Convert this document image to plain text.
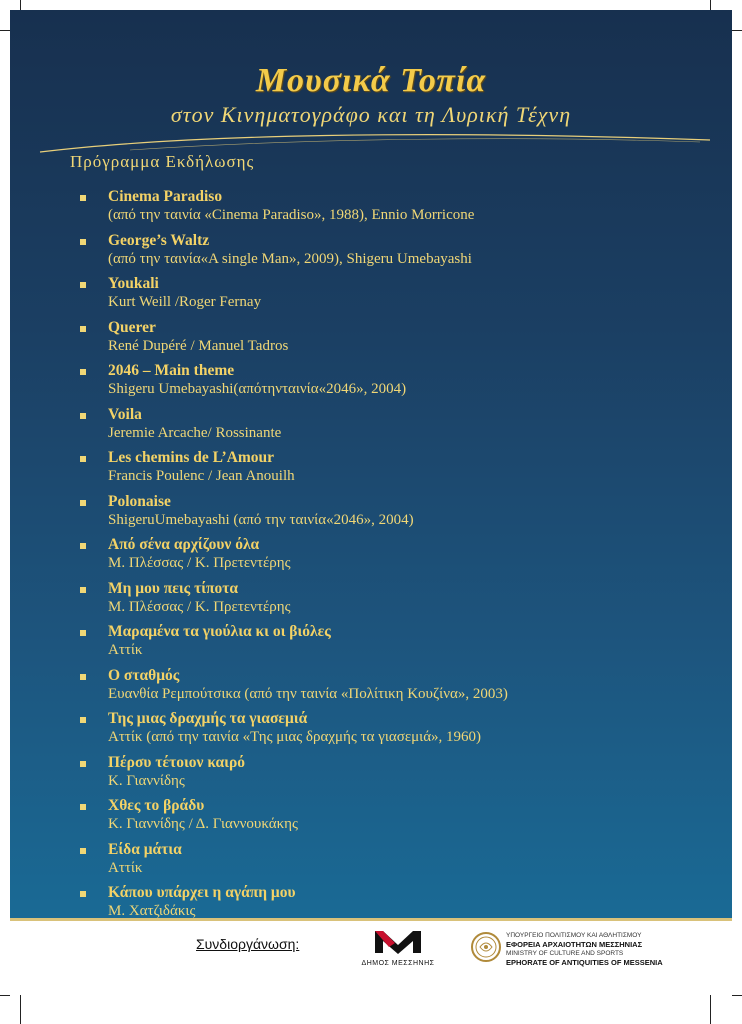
Μουσικά Τοπία
στον Κινηματογράφο και τη Λυρική Τέχνη
Πρόγραμμα Εκδήλωσης
Cinema Paradiso
(από την ταινία «Cinema Paradiso», 1988), Ennio Morricone
George’s Waltz
(από την ταινία«A single Man», 2009), Shigeru Umebayashi
Youkali
Kurt Weill /Roger Fernay
Querer
René Dupéré / Manuel Tadros
2046 – Main theme
Shigeru Umebayashi(απότηνταινία«2046», 2004)
Voila
Jeremie Arcache/ Rossinante
Les chemins de L’Amour
Francis Poulenc / Jean Anouilh
Polonaise
ShigeruUmebayashi (από την ταινία«2046», 2004)
Από σένα αρχίζουν όλα
Μ. Πλέσσας / Κ. Πρετεντέρης
Μη μου πεις τίποτα
Μ. Πλέσσας / Κ. Πρετεντέρης
Μαραμένα τα γιούλια κι οι βιόλες
Αττίκ
Ο σταθμός
Ευανθία Ρεμπούτσικα (από την ταινία «Πολίτικη Κουζίνα», 2003)
Της μιας δραχμής τα γιασεμιά
Αττίκ (από την ταινία «Της μιας δραχμής τα γιασεμιά», 1960)
Πέρσυ τέτοιον καιρό
Κ. Γιαννίδης
Χθες το βράδυ
Κ. Γιαννίδης / Δ. Γιαννουκάκης
Είδα μάτια
Αττίκ
Κάπου υπάρχει η αγάπη μου
Μ. Χατζιδάκις
Συνδιοργάνωση:
ΔΗΜΟΣ ΜΕΣΣΗΝΗΣ
ΥΠΟΥΡΓΕΙΟ ΠΟΛΙΤΙΣΜΟΥ ΚΑΙ ΑΘΛΗΤΙΣΜΟΥ
ΕΦΟΡΕΙΑ ΑΡΧΑΙΟΤΗΤΩΝ ΜΕΣΣΗΝΙΑΣ
MINISTRY OF CULTURE AND SPORTS
EPHORATE OF ANTIQUITIES OF MESSENIA
